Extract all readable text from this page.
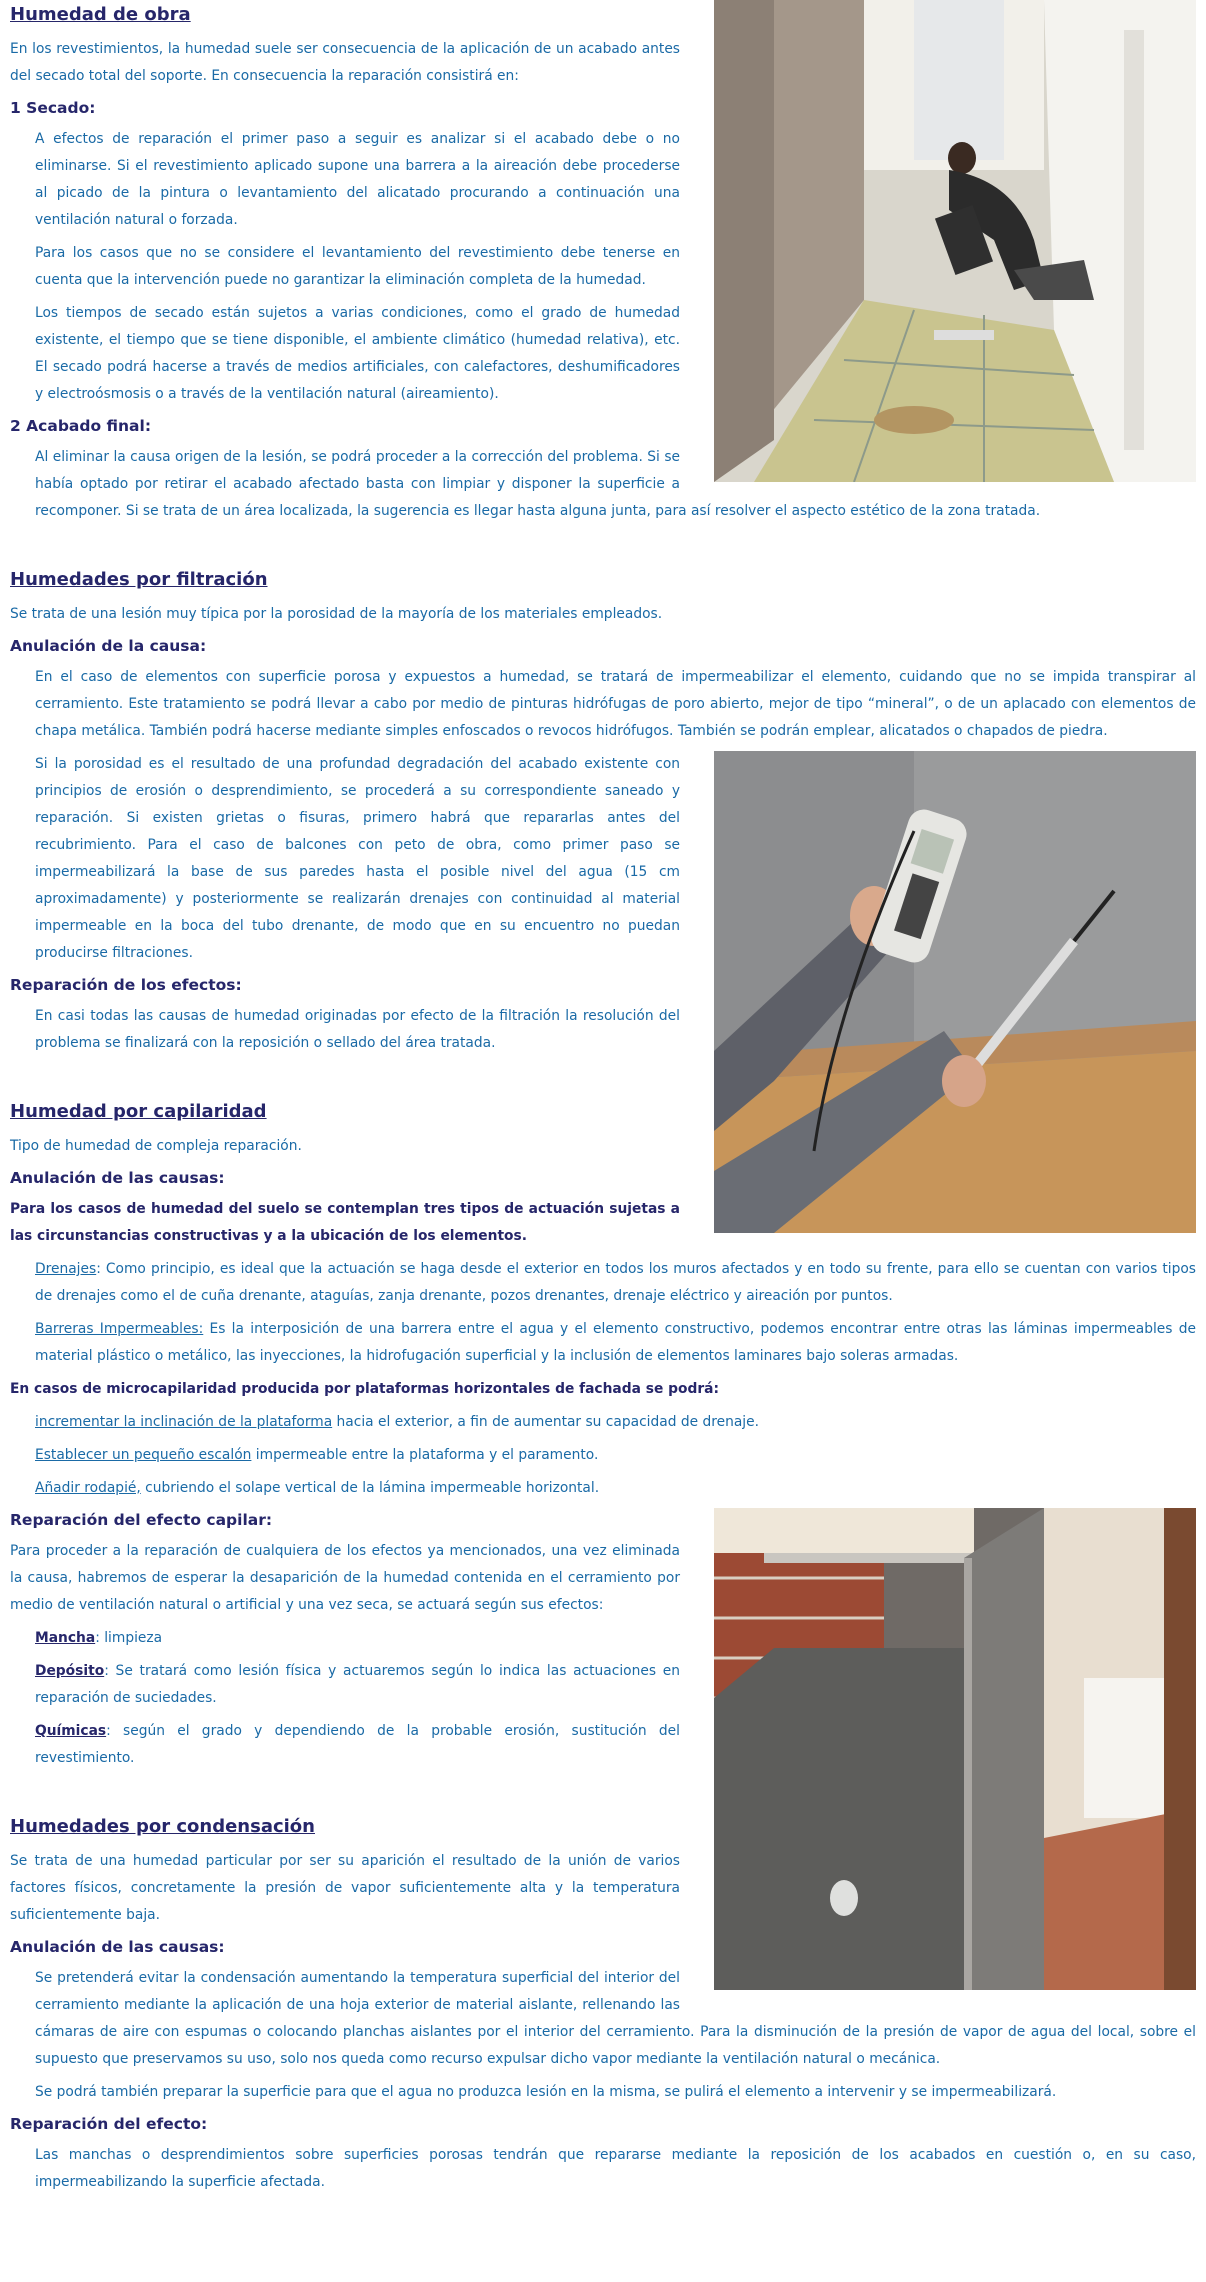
Humedad de obra

En los revestimientos, la humedad suele ser consecuencia de la aplicación de un acabado antes del secado total del soporte. En consecuencia la reparación consistirá en:

1 Secado:

A efectos de reparación el primer paso a seguir es analizar si el acabado debe o no eliminarse. Si el revestimiento aplicado supone una barrera a la aireación debe procederse al picado de la pintura o levantamiento del alicatado procurando a continuación una ventilación natural o forzada.

Para los casos que no se considere el levantamiento del revestimiento debe tenerse en cuenta que la intervención puede no garantizar la eliminación completa de la humedad.

Los tiempos de secado están sujetos a varias condiciones, como el grado de humedad existente, el tiempo que se tiene disponible, el ambiente climático (humedad relativa), etc. El secado podrá hacerse a través de medios artificiales, con calefactores, deshumificadores y electroósmosis o a través de la ventilación natural (aireamiento).

2 Acabado final:

Al eliminar la causa origen de la lesión, se podrá proceder a la corrección del problema. Si se había optado por retirar el acabado afectado basta con limpiar y disponer la superficie a recomponer. Si se trata de un área localizada, la sugerencia es llegar hasta alguna junta, para así resolver el aspecto estético de la zona tratada.

Humedades por filtración

Se trata de una lesión muy típica por la porosidad de la mayoría de los materiales empleados.

Anulación de la causa:

En el caso de elementos con superficie porosa y expuestos a humedad, se tratará de impermeabilizar el elemento, cuidando que no se impida transpirar al cerramiento. Este tratamiento se podrá llevar a cabo por medio de pinturas hidrófugas de poro abierto, mejor de tipo “mineral”, o de un aplacado con elementos de chapa metálica. También podrá hacerse mediante simples enfoscados o revocos hidrófugos. También se podrán emplear, alicatados o chapados de piedra.

Si la porosidad es el resultado de una profundad degradación del acabado existente con principios de erosión o desprendimiento, se procederá a su correspondiente saneado y reparación. Si existen grietas o fisuras, primero habrá que repararlas antes del recubrimiento. Para el caso de balcones con peto de obra, como primer paso se impermeabilizará la base de sus paredes hasta el posible nivel del agua (15 cm aproximadamente) y posteriormente se realizarán drenajes con continuidad al material impermeable en la boca del tubo drenante, de modo que en su encuentro no puedan producirse filtraciones.

Reparación de los efectos:

En casi todas las causas de humedad originadas por efecto de la filtración la resolución del problema se finalizará con la reposición o sellado del área tratada.

Humedad por capilaridad

Tipo de humedad de compleja reparación.

Anulación de las causas:

Para los casos de humedad del suelo se contemplan tres tipos de actuación sujetas a las circunstancias constructivas y a la ubicación de los elementos.

Drenajes: Como principio, es ideal que la actuación se haga desde el exterior en todos los muros afectados y en todo su frente, para ello se cuentan con varios tipos de drenajes como el de cuña drenante, ataguías, zanja drenante, pozos drenantes, drenaje eléctrico y aireación por puntos.

Barreras Impermeables: Es la interposición de una barrera entre el agua y el elemento constructivo, podemos encontrar entre otras las láminas impermeables de material plástico o metálico, las inyecciones, la hidrofugación superficial y la inclusión de elementos laminares bajo soleras armadas.

En casos de microcapilaridad producida por plataformas horizontales de fachada se podrá:

incrementar la inclinación de la plataforma hacia el exterior, a fin de aumentar su capacidad de drenaje.

Establecer un pequeño escalón impermeable entre la plataforma y el paramento.

Añadir rodapié, cubriendo el solape vertical de la lámina impermeable horizontal.

Reparación del efecto capilar:

Para proceder a la reparación de cualquiera de los efectos ya mencionados, una vez eliminada la causa, habremos de esperar la desaparición de la humedad contenida en el cerramiento por medio de ventilación natural o artificial y una vez seca, se actuará según sus efectos:

Mancha: limpieza

Depósito: Se tratará como lesión física y actuaremos según lo indica las actuaciones en reparación de suciedades.

Químicas: según el grado y dependiendo de la probable erosión, sustitución del revestimiento.

Humedades por condensación

Se trata de una humedad particular por ser su aparición el resultado de la unión de varios factores físicos, concretamente la presión de vapor suficientemente alta y la temperatura suficientemente baja.

Anulación de las causas:

Se pretenderá evitar la condensación aumentando la temperatura superficial del interior del cerramiento mediante la aplicación de una hoja exterior de material aislante, rellenando las cámaras de aire con espumas o colocando planchas aislantes por el interior del cerramiento. Para la disminución de la presión de vapor de agua del local, sobre el supuesto que preservamos su uso, solo nos queda como recurso expulsar dicho vapor mediante la ventilación natural o mecánica.

Se podrá también preparar la superficie para que el agua no produzca lesión en la misma, se pulirá el elemento a intervenir y se impermeabilizará.

Reparación del efecto:

Las manchas o desprendimientos sobre superficies porosas tendrán que repararse mediante la reposición de los acabados en cuestión o, en su caso, impermeabilizando la superficie afectada.
